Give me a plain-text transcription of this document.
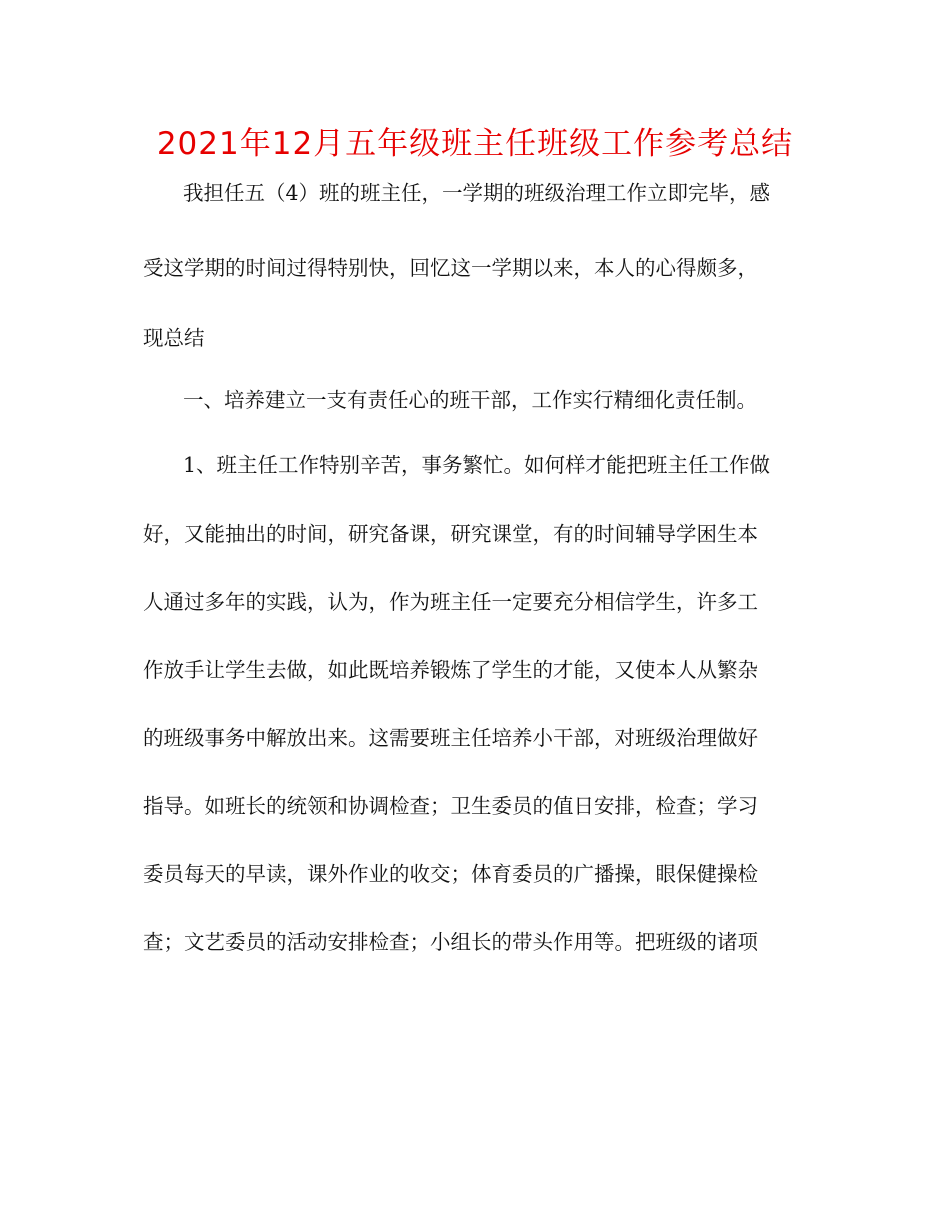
2021年12月五年级班主任班级工作参考总结
我担任五（4）班的班主任，一学期的班级治理工作立即完毕，感
受这学期的时间过得特别快，回忆这一学期以来，本人的心得颇多，
现总结
一、培养建立一支有责任心的班干部，工作实行精细化责任制。
1、班主任工作特别辛苦，事务繁忙。如何样才能把班主任工作做
好，又能抽出的时间，研究备课，研究课堂，有的时间辅导学困生本
人通过多年的实践，认为，作为班主任一定要充分相信学生，许多工
作放手让学生去做，如此既培养锻炼了学生的才能，又使本人从繁杂
的班级事务中解放出来。这需要班主任培养小干部，对班级治理做好
指导。如班长的统领和协调检查；卫生委员的值日安排，检查；学习
委员每天的早读，课外作业的收交；体育委员的广播操，眼保健操检
查；文艺委员的活动安排检查；小组长的带头作用等。把班级的诸项
